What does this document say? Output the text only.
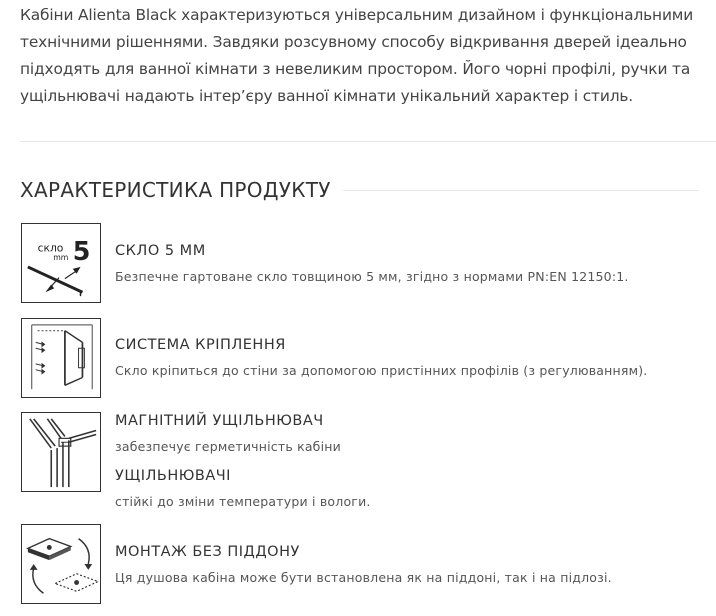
Кабіни Alienta Black характеризуються універсальним дизайном і функціональними

технічними рішеннями. Завдяки розсувному способу відкривання дверей ідеально

підходять для ванної кімнати з невеликим простором. Його чорні профілі, ручки та

ущільнювачі надають інтер’єру ванної кімнати унікальний характер і стиль.

ХАРАКТЕРИСТИКА ПРОДУКТУ
скло
mm 5 СКЛО 5 ММ
Безпечне гартоване скло товщиною 5 мм, згідно з нормами PN:EN 12150:1.
СИСТЕМА КРІПЛЕННЯ
Скло кріпиться до стіни за допомогою пристінних профілів (з регулюванням).
МАГНІТНИЙ УЩІЛЬНЮВАЧ
забезпечує герметичність кабіни
УЩІЛЬНЮВАЧІ
стійкі до зміни температури і вологи.
МОНТАЖ БЕЗ ПІДДОНУ
Ця душова кабіна може бути встановлена як на піддоні, так і на підлозі.
